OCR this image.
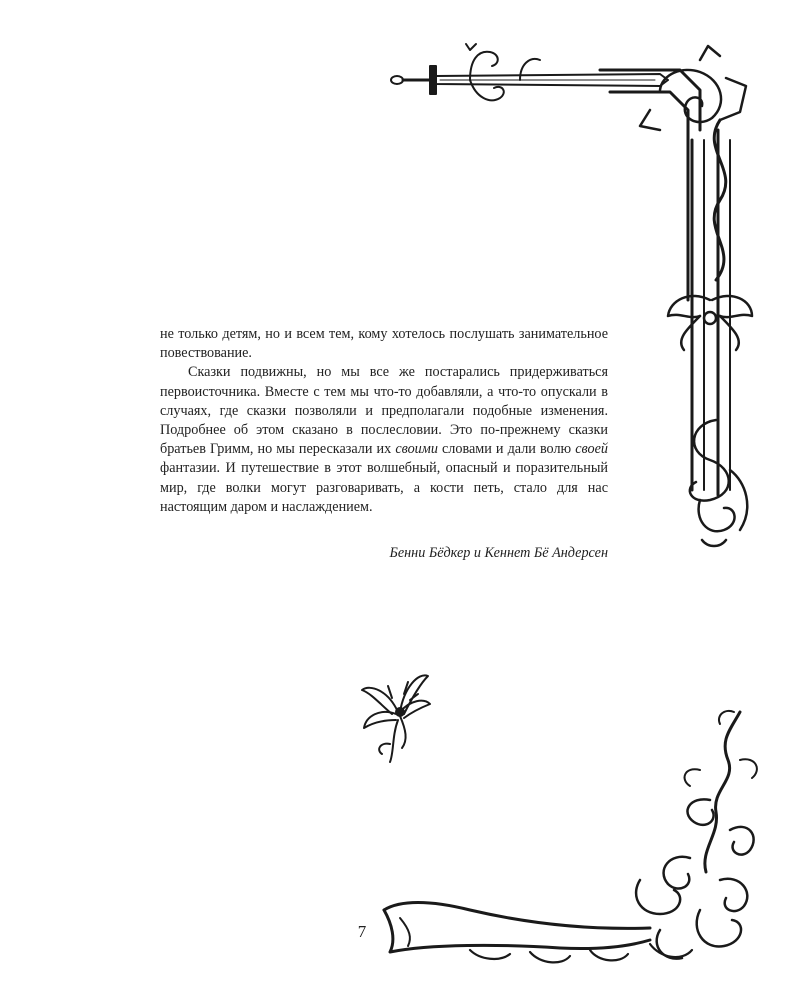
не только детям, но и всем тем, кому хотелось послушать занимательное повествование.

Сказки подвижны, но мы все же постарались придерживаться первоисточника. Вместе с тем мы что-то добавляли, а что-то опускали в случаях, где сказки позволяли и предполагали подобные изменения. Подробнее об этом сказано в послесловии. Это по-прежнему сказки братьев Гримм, но мы пересказали их своими словами и дали волю своей фантазии. И путешествие в этот волшебный, опасный и поразительный мир, где волки могут разговаривать, а кости петь, стало для нас настоящим даром и наслаждением.

Бенни Бёдкер и Кеннет Бё Андерсен
7
